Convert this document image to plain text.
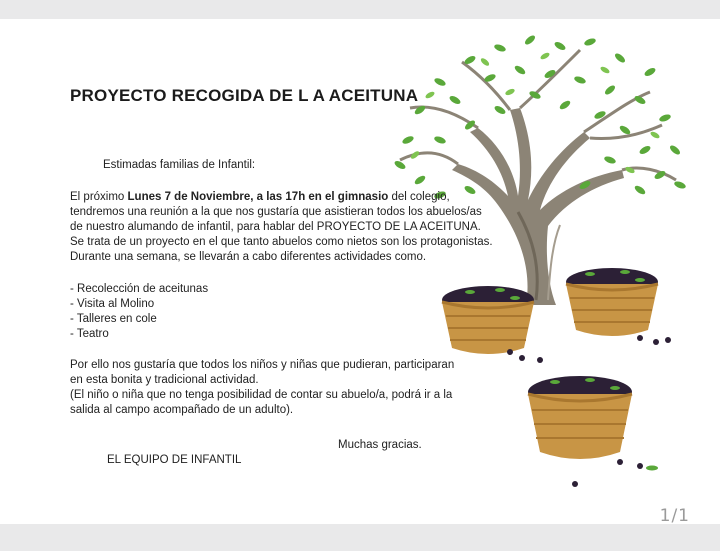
PROYECTO RECOGIDA DE L A ACEITUNA
Estimadas familias de Infantil:
El próximo Lunes 7 de Noviembre, a las 17h en el gimnasio del colegio,
tendremos una reunión a la que nos gustaría que asistieran todos los abuelos/as
de nuestro alumando de infantil, para hablar del PROYECTO DE LA ACEITUNA.
Se trata de un proyecto en el que tanto abuelos como nietos son los protagonistas.
Durante una semana, se llevarán a cabo diferentes actividades como.
- Recolección de aceitunas
- Visita al Molino
- Talleres en cole
- Teatro
Por ello nos gustaría que todos los niños y niñas que pudieran, participaran
en esta bonita y tradicional actividad.
(El niño o niña que no tenga posibilidad de contar su abuelo/a, podrá ir a la
salida al campo acompañado de un adulto).
Muchas gracias.
EL EQUIPO DE INFANTIL
1/1
